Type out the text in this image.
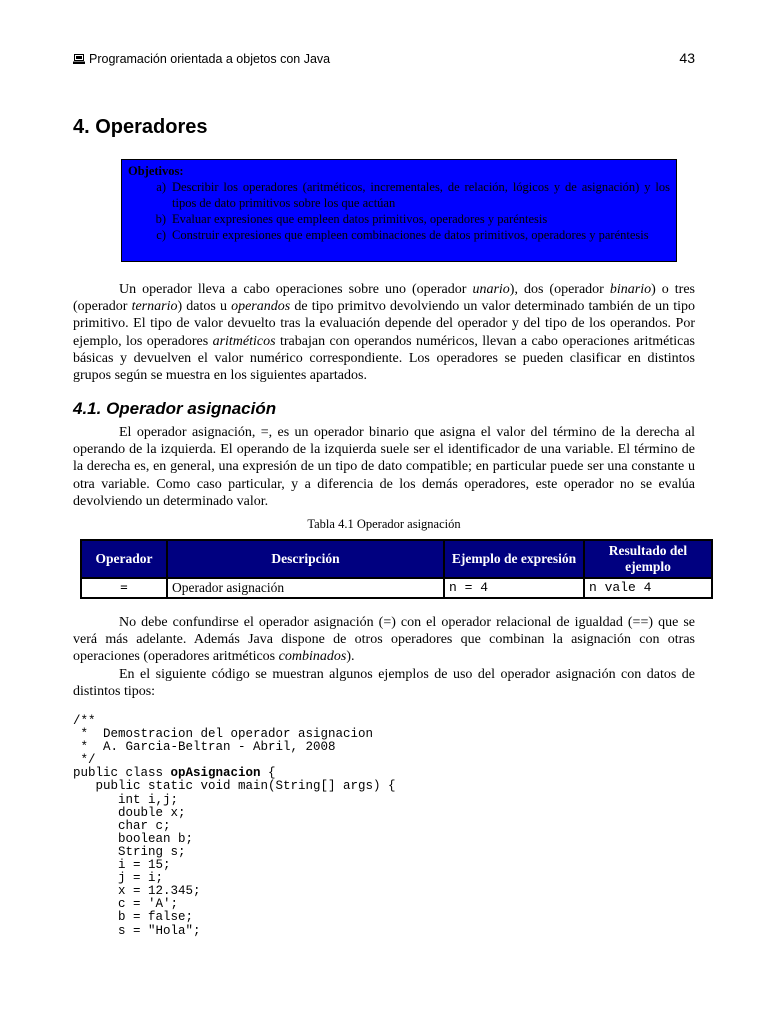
Programación orientada a objetos con Java	43
4. Operadores
Objetivos:
a) Describir los operadores (aritméticos, incrementales, de relación, lógicos y de asignación) y los tipos de dato primitivos sobre los que actúan
b) Evaluar expresiones que empleen datos primitivos, operadores y paréntesis
c) Construir expresiones que empleen combinaciones de datos primitivos, operadores y paréntesis
Un operador lleva a cabo operaciones sobre uno (operador unario), dos (operador binario) o tres (operador ternario) datos u operandos de tipo primitvo devolviendo un valor determinado también de un tipo primitivo. El tipo de valor devuelto tras la evaluación depende del operador y del tipo de los operandos. Por ejemplo, los operadores aritméticos trabajan con operandos numéricos, llevan a cabo operaciones aritméticas básicas y devuelven el valor numérico correspondiente. Los operadores se pueden clasificar en distintos grupos según se muestra en los siguientes apartados.
4.1. Operador asignación
El operador asignación, =, es un operador binario que asigna el valor del término de la derecha al operando de la izquierda. El operando de la izquierda suele ser el identificador de una variable. El término de la derecha es, en general, una expresión de un tipo de dato compatible; en particular puede ser una constante u otra variable. Como caso particular, y a diferencia de los demás operadores, este operador no se evalúa devolviendo un determinado valor.
Tabla 4.1 Operador asignación
Operador	Descripción	Ejemplo de expresión	Resultado del ejemplo
=	Operador asignación	n = 4	n vale 4
No debe confundirse el operador asignación (=) con el operador relacional de igualdad (==) que se verá más adelante. Además Java dispone de otros operadores que combinan la asignación con otras operaciones (operadores aritméticos combinados).
En el siguiente código se muestran algunos ejemplos de uso del operador asignación con datos de distintos tipos:
/**
*  Demostracion del operador asignacion
*  A. Garcia-Beltran - Abril, 2008
*/
public class opAsignacion {
public static void main(String[] args) {
int i,j;
double x;
char c;
boolean b;
String s;
i = 15;
j = i;
x = 12.345;
c = 'A';
b = false;
s = "Hola";
